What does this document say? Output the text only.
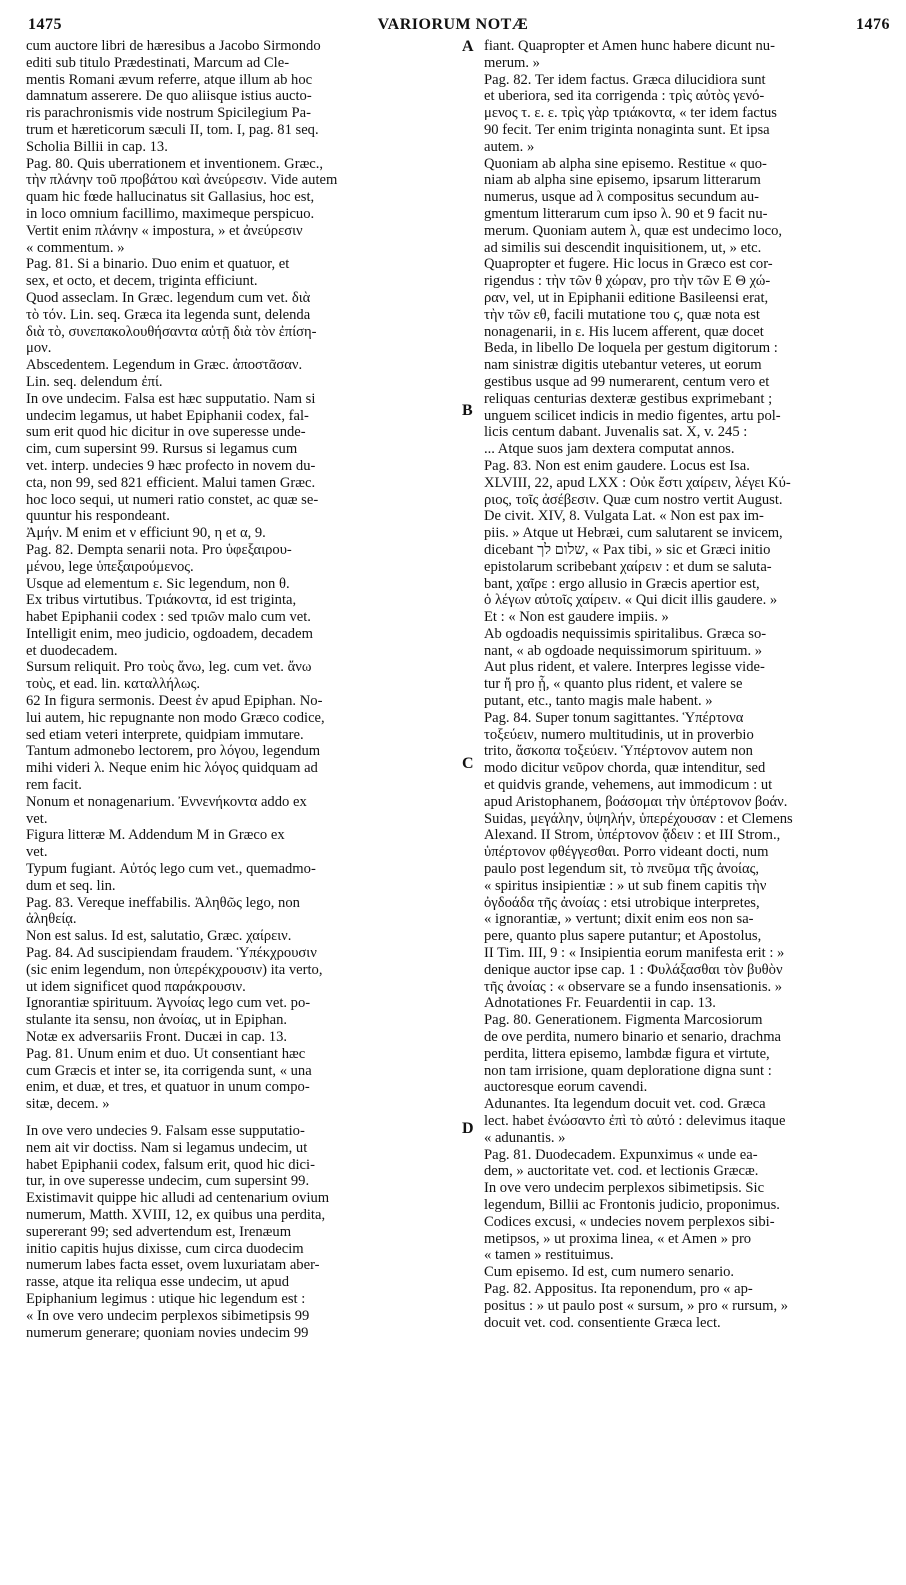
1475	VARIORUM NOTÆ	1476
A
B
C
D

cum auctore libri de hæresibus a Jacobo Sirmondo

editi sub titulo Prædestinati, Marcum ad Cle-

mentis Romani ævum referre, atque illum ab hoc

damnatum asserere. De quo aliisque istius aucto-

ris parachronismis vide nostrum Spicilegium Pa-

trum et hæreticorum sæculi II, tom. I, pag. 81 seq.

Scholia Billii in cap. 13.

Pag. 80. Quis uberrationem et inventionem. Græc.,

τὴν πλάνην τοῦ προβάτου καὶ ἀνεύρεσιν. Vide autem

quam hic fœde hallucinatus sit Gallasius, hoc est,

in loco omnium facillimo, maximeque perspicuo.

Vertit enim πλάνην « impostura, » et ἀνεύρεσιν

« commentum. »

Pag. 81. Si a binario. Duo enim et quatuor, et

sex, et octo, et decem, triginta efficiunt.

Quod asseclam. In Græc. legendum cum vet. διὰ

τὸ τόν. Lin. seq. Græca ita legenda sunt, delenda

διὰ τὸ, συνεπακολουθήσαντα αὐτῇ διὰ τὸν ἐπίση-

μον.

Abscedentem. Legendum in Græc. ἀποστᾶσαν.

Lin. seq. delendum ἐπί.

In ove undecim. Falsa est hæc supputatio. Nam si

undecim legamus, ut habet Epiphanii codex, fal-

sum erit quod hic dicitur in ove superesse unde-

cim, cum supersint 99. Rursus si legamus cum

vet. interp. undecies 9 hæc profecto in novem du-

cta, non 99, sed 821 efficient. Malui tamen Græc.

hoc loco sequi, ut numeri ratio constet, ac quæ se-

quuntur his respondeant.

Ἀμήν. M enim et ν efficiunt 90, η et α, 9.

Pag. 82. Dempta senarii nota. Pro ὑφεξαιρου-

μένου, lege ὑπεξαιρούμενος.

Usque ad elementum ε. Sic legendum, non θ.

Ex tribus virtutibus. Τριάκοντα, id est triginta,

habet Epiphanii codex : sed τριῶν malo cum vet.

Intelligit enim, meo judicio, ogdoadem, decadem

et duodecadem.

Sursum reliquit. Pro τοὺς ἄνω, leg. cum vet. ἄνω

τοὺς, et ead. lin. καταλλήλως.

62 In figura sermonis. Deest ἐν apud Epiphan. No-

lui autem, hic repugnante non modo Græco codice,

sed etiam veteri interprete, quidpiam immutare.

Tantum admonebo lectorem, pro λόγου, legendum

mihi videri λ. Neque enim hic λόγος quidquam ad

rem facit.

Nonum et nonagenarium. Ἐννενήκοντα addo ex

vet.

Figura litteræ M. Addendum M in Græco ex

vet.

Typum fugiant. Αὐτός lego cum vet., quemadmo-

dum et seq. lin.

Pag. 83. Vereque ineffabilis. Ἀληθῶς lego, non

ἀληθείᾳ.

Non est salus. Id est, salutatio, Græc. χαίρειν.

Pag. 84. Ad suscipiendam fraudem. Ὑπέκχρουσιν

(sic enim legendum, non ὑπερέκχρουσιν) ita verto,

ut idem significet quod παράκρουσιν.

Ignorantiæ spirituum. Ἀγνοίας lego cum vet. po-

stulante ita sensu, non ἀνοίας, ut in Epiphan.

Notæ ex adversariis Front. Ducæi in cap. 13.

Pag. 81. Unum enim et duo. Ut consentiant hæc

cum Græcis et inter se, ita corrigenda sunt, « una

enim, et duæ, et tres, et quatuor in unum compo-

sitæ, decem. »

In ove vero undecies 9. Falsam esse supputatio-

nem ait vir doctiss. Nam si legamus undecim, ut

habet Epiphanii codex, falsum erit, quod hic dici-

tur, in ove superesse undecim, cum supersint 99.

Existimavit quippe hic alludi ad centenarium ovium

numerum, Matth. XVIII, 12, ex quibus una perdita,

supererant 99; sed advertendum est, Irenæum

initio capitis hujus dixisse, cum circa duodecim

numerum labes facta esset, ovem luxuriatam aber-

rasse, atque ita reliqua esse undecim, ut apud

Epiphanium legimus : utique hic legendum est :

« In ove vero undecim perplexos sibimetipsis 99

numerum generare; quoniam novies undecim 99

fiant. Quapropter et Amen hunc habere dicunt nu-

merum. »

Pag. 82. Ter idem factus. Græca dilucidiora sunt

et uberiora, sed ita corrigenda : τρὶς αὐτὸς γενό-

μενος τ. ε. ε. τρὶς γὰρ τριάκοντα, « ter idem factus

90 fecit. Ter enim triginta nonaginta sunt. Et ipsa

autem. »

Quoniam ab alpha sine episemo. Restitue « quo-

niam ab alpha sine episemo, ipsarum litterarum

numerus, usque ad λ compositus secundum au-

gmentum litterarum cum ipso λ. 90 et 9 facit nu-

merum. Quoniam autem λ, quæ est undecimo loco,

ad similis sui descendit inquisitionem, ut, » etc.

Quapropter et fugere. Hic locus in Græco est cor-

rigendus : τὴν τῶν θ χώραν, pro τὴν τῶν Ε Θ χώ-

ραν, vel, ut in Epiphanii editione Basileensi erat,

τὴν τῶν εθ, facili mutatione του ϛ, quæ nota est

nonagenarii, in ε. His lucem afferent, quæ docet

Beda, in libello De loquela per gestum digitorum :

nam sinistræ digitis utebantur veteres, ut eorum

gestibus usque ad 99 numerarent, centum vero et

reliquas centurias dexteræ gestibus exprimebant ;

unguem scilicet indicis in medio figentes, artu pol-

licis centum dabant. Juvenalis sat. X, v. 245 :

... Atque suos jam dextera computat annos.

Pag. 83. Non est enim gaudere. Locus est Isa.

XLVIII, 22, apud LXX : Οὐκ ἔστι χαίρειν, λέγει Κύ-

ριος, τοῖς ἀσέβεσιν. Quæ cum nostro vertit August.

De civit. XIV, 8. Vulgata Lat. « Non est pax im-

piis. » Atque ut Hebræi, cum salutarent se invicem,

dicebant שלום לך, « Pax tibi, » sic et Græci initio

epistolarum scribebant χαίρειν : et dum se saluta-

bant, χαῖρε : ergo allusio in Græcis apertior est,

ὁ λέγων αὐτοῖς χαίρειν. « Qui dicit illis gaudere. »

Et : « Non est gaudere impiis. »

Ab ogdoadis nequissimis spiritalibus. Græca so-

nant, « ab ogdoade nequissimorum spirituum. »

Aut plus rident, et valere. Interpres legisse vide-

tur ἤ pro ᾗ, « quanto plus rident, et valere se

putant, etc., tanto magis male habent. »

Pag. 84. Super tonum sagittantes. Ὑπέρτονα

τοξεύειν, numero multitudinis, ut in proverbio

trito, ἄσκοπα τοξεύειν. Ὑπέρτονον autem non

modo dicitur νεῦρον chorda, quæ intenditur, sed

et quidvis grande, vehemens, aut immodicum : ut

apud Aristophanem, βοάσομαι τὴν ὑπέρτονον βοάν.

Suidas, μεγάλην, ὑψηλήν, ὑπερέχουσαν : et Clemens

Alexand. II Strom, ὑπέρτονον ᾄδειν : et III Strom.,

ὑπέρτονον φθέγγεσθαι. Porro videant docti, num

paulo post legendum sit, τὸ πνεῦμα τῆς ἀνοίας,

« spiritus insipientiæ : » ut sub finem capitis τὴν

ὀγδοάδα τῆς ἀνοίας : etsi utrobique interpretes,

« ignorantiæ, » vertunt; dixit enim eos non sa-

pere, quanto plus sapere putantur; et Apostolus,

II Tim. III, 9 : « Insipientia eorum manifesta erit : »

denique auctor ipse cap. 1 : Φυλάξασθαι τὸν βυθὸν

τῆς ἀνοίας : « observare se a fundo insensationis. »

Adnotationes Fr. Feuardentii in cap. 13.

Pag. 80. Generationem. Figmenta Marcosiorum

de ove perdita, numero binario et senario, drachma

perdita, littera episemo, lambdæ figura et virtute,

non tam irrisione, quam deploratione digna sunt :

auctoresque eorum cavendi.

Adunantes. Ita legendum docuit vet. cod. Græca

lect. habet ἑνώσαντο ἐπὶ τὸ αὐτό : delevimus itaque

« adunantis. »

Pag. 81. Duodecadem. Expunximus « unde ea-

dem, » auctoritate vet. cod. et lectionis Græcæ.

In ove vero undecim perplexos sibimetipsis. Sic

legendum, Billii ac Frontonis judicio, proponimus.

Codices excusi, « undecies novem perplexos sibi-

metipsos, » ut proxima linea, « et Amen » pro

« tamen » restituimus.

Cum episemo. Id est, cum numero senario.

Pag. 82. Appositus. Ita reponendum, pro « ap-

positus : » ut paulo post « sursum, » pro « rursum, »

docuit vet. cod. consentiente Græca lect.
